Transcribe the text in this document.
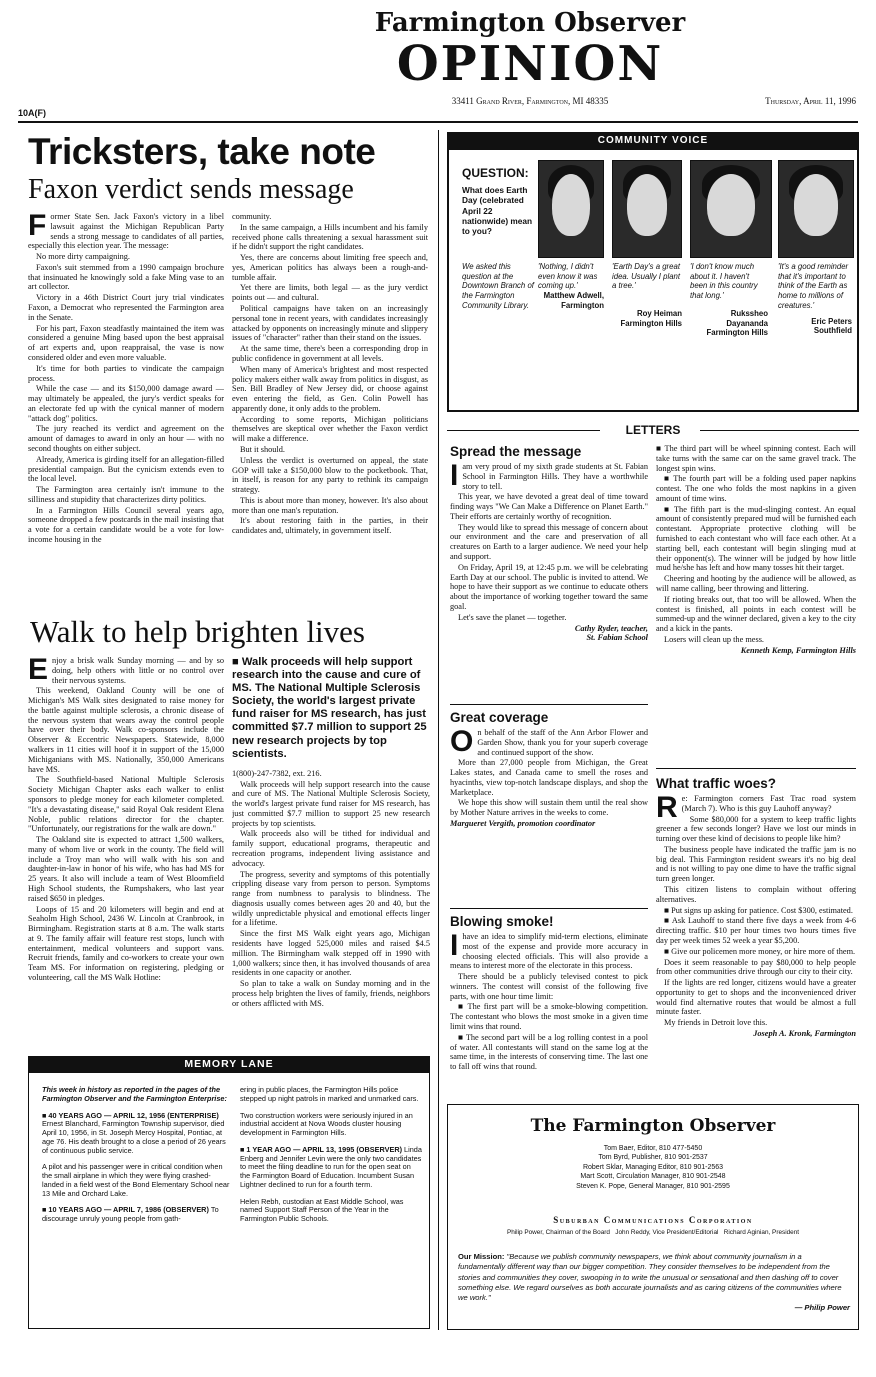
Farmington Observer
OPINION
10A(F)
33411 Grand River, Farmington, MI 48335	Thursday, April 11, 1996
Tricksters, take note
Faxon verdict sends message
F ormer State Sen. Jack Faxon's victory in a libel lawsuit against the Michigan Republican Party sends a strong message to candidates of all parties, especially this election year. The message:

No more dirty campaigning.

Faxon's suit stemmed from a 1990 campaign brochure that insinuated he knowingly sold a fake Ming vase to an art collector.

Victory in a 46th District Court jury trial vindicates Faxon, a Democrat who represented the Farmington area in the Senate.

For his part, Faxon steadfastly maintained the item was considered a genuine Ming based upon the best appraisal of art experts and, upon reappraisal, the vase is now considered older and even more valuable.

It's time for both parties to vindicate the campaign process.

While the case — and its $150,000 damage award — may ultimately be appealed, the jury's verdict speaks for an electorate fed up with the cynical manner of modern "attack dog" politics.

The jury reached its verdict and agreement on the amount of damages to award in only an hour — with no second thoughts on either subject.

Already, America is girding itself for an allegation-filled presidential campaign. But the cynicism extends even to the local level.

The Farmington area certainly isn't immune to the silliness and stupidity that characterizes dirty politics.

In a Farmington Hills Council several years ago, someone dropped a few postcards in the mail insisting that a vote for a certain candidate would be a vote for low-income housing in the

community.

In the same campaign, a Hills incumbent and his family received phone calls threatening a sexual harassment suit if he didn't support the right candidates.

Yes, there are concerns about limiting free speech and, yes, American politics has always been a rough-and-tumble affair.

Yet there are limits, both legal — as the jury verdict points out — and cultural.

Political campaigns have taken on an increasingly personal tone in recent years, with candidates increasingly attacked by opponents on increasingly minute and slippery issues of "character" rather than their stand on the issues.

At the same time, there's been a corresponding drop in public confidence in government at all levels.

When many of America's brightest and most respected policy makers either walk away from politics in disgust, as Sen. Bill Bradley of New Jersey did, or choose against even entering the field, as Gen. Colin Powell has apparently done, it only adds to the problem.

According to some reports, Michigan politicians themselves are skeptical over whether the Faxon verdict will make a difference.

But it should.

Unless the verdict is overturned on appeal, the state GOP will take a $150,000 blow to the pocketbook. That, in itself, is reason for any party to rethink its campaign strategy.

This is about more than money, however. It's also about more than one man's reputation.

It's about restoring faith in the parties, in their candidates and, ultimately, in government itself.

Walk to help brighten lives
E njoy a brisk walk Sunday morning — and by so doing, help others with little or no control over their nervous systems.

This weekend, Oakland County will be one of Michigan's MS Walk sites designated to raise money for the battle against multiple sclerosis, a chronic disease of the nervous system that wears away the control people have over their body. Walk co-sponsors include the Observer & Eccentric Newspapers. Statewide, 8,000 walkers in 11 cities will hoof it in support of the 15,000 Michiganians with MS. Nationally, 350,000 Americans have MS.

The Southfield-based National Multiple Sclerosis Society Michigan Chapter asks each walker to enlist sponsors to pledge money for each kilometer completed. "It's a devastating disease," said Royal Oak resident Elena Noble, public relations director for the chapter. "Unfortunately, our registrations for the walk are down."

The Oakland site is expected to attract 1,500 walkers, many of whom live or work in the county. The field will include a Troy man who will walk with his son and daughter-in-law in honor of his wife, who has had MS for 25 years. It also will include a team of West Bloomfield High School students, the Rumpshakers, who last year raised $650 in pledges.

Loops of 15 and 20 kilometers will begin and end at Seaholm High School, 2436 W. Lincoln at Cranbrook, in Birmingham. Registration starts at 8 a.m. The walk starts at 9. The family affair will feature rest stops, lunch with entertainment, medical volunteers and support vans. Recruit friends, family and co-workers to create your own Team MS. For information on registering, pledging or volunteering, call the MS Walk Hotline:

■ Walk proceeds will help support research into the cause and cure of MS. The National Multiple Sclerosis Society, the world's largest private fund raiser for MS research, has just committed $7.7 million to support 25 new research projects by top scientists.

1(800)-247-7382, ext. 216.

Walk proceeds will help support research into the cause and cure of MS. The National Multiple Sclerosis Society, the world's largest private fund raiser for MS research, has just committed $7.7 million to support 25 new research projects by top scientists.

Walk proceeds also will be tithed for individual and family support, educational programs, therapeutic and recreation programs, independent living assistance and advocacy.

The progress, severity and symptoms of this potentially crippling disease vary from person to person. Symptoms range from numbness to paralysis to blindness. The diagnosis usually comes between ages 20 and 40, but the wildly unpredictable physical and emotional effects linger for a lifetime.

Since the first MS Walk eight years ago, Michigan residents have logged 525,000 miles and raised $4.5 million. The Birmingham walk stepped off in 1990 with 1,000 walkers; since then, it has involved thousands of area residents in one capacity or another.

So plan to take a walk on Sunday morning and in the process help brighten the lives of family, friends, neighbors or others afflicted with MS.

MEMORY LANE
This week in history as reported in the pages of the Farmington Observer and the Farmington Enterprise:
■ 40 YEARS AGO — APRIL 12, 1956 (ENTERPRISE) Ernest Blanchard, Farmington Township supervisor, died April 10, 1956, in St. Joseph Mercy Hospital, Pontiac, at age 76. His death brought to a close a period of 26 years of continuous public service.
A pilot and his passenger were in critical condition when the small airplane in which they were flying crashed-landed in a field west of the Bond Elementary School near 13 Mile and Orchard Lake.
■ 10 YEARS AGO — APRIL 7, 1986 (OBSERVER) To discourage unruly young people from gath-
ering in public places, the Farmington Hills police stepped up night patrols in marked and unmarked cars.
Two construction workers were seriously injured in an industrial accident at Nova Woods cluster housing development in Farmington Hills.
■ 1 YEAR AGO — APRIL 13, 1995 (OBSERVER) Linda Enberg and Jennifer Levin were the only two candidates to meet the filing deadline to run for the open seat on the Farmington Board of Education. Incumbent Susan Lightner declined to run for a fourth term.
Helen Rebh, custodian at East Middle School, was named Support Staff Person of the Year in the Farmington Public Schools.
COMMUNITY VOICE
QUESTION:
What does Earth Day (celebrated April 22 nationwide) mean to you?
We asked this question at the Downtown Branch of the Farmington Community Library.
'Nothing, I didn't even know it was coming up.'
Matthew Adwell,
Farmington
'Earth Day's a great idea. Usually I plant a tree.'
Roy Heiman
Farmington Hills
'I don't know much about it. I haven't been in this country that long.'
Rukssheo Dayananda
Farmington Hills
'It's a good reminder that it's important to think of the Earth as home to millions of creatures.'
Eric Peters
Southfield
LETTERS
Spread the message
I am very proud of my sixth grade students at St. Fabian School in Farmington Hills. They have a worthwhile story to tell.

This year, we have devoted a great deal of time toward finding ways "We Can Make a Difference on Planet Earth." Their efforts are certainly worthy of recognition.

They would like to spread this message of concern about our environment and the care and preservation of all creatures on Earth to a larger audience. We need your help and support.

On Friday, April 19, at 12:45 p.m. we will be celebrating Earth Day at our school. The public is invited to attend. We hope to have their support as we continue to educate others about the importance of working together toward the same goal.

Let's save the planet — together.

Cathy Ryder, teacher,
St. Fabian School
Great coverage
O n behalf of the staff of the Ann Arbor Flower and Garden Show, thank you for your superb coverage and continued support of the show.

More than 27,000 people from Michigan, the Great Lakes states, and Canada came to smell the roses and hyacinths, view top-notch landscape displays, and shop the Marketplace.

We hope this show will sustain them until the real show by Mother Nature arrives in the weeks to come.

Margueret Vergith, promotion coordinator
Blowing smoke!
I have an idea to simplify mid-term elections, eliminate most of the expense and provide more accuracy in choosing elected officials. This will also provide a means to interest more of the electorate in this process.

There should be a publicly televised contest to pick winners. The contest will consist of the following five parts, with one hour time limit:

■ The first part will be a smoke-blowing competition. The contestant who blows the most smoke in a given time limit wins that round.

■ The second part will be a log rolling contest in a pool of water. All contestants will stand on the same log at the same time, in the interests of conserving time. The last one to fall off wins that round.

■ The third part will be wheel spinning contest. Each will take turns with the same car on the same gravel track. The longest spin wins.

■ The fourth part will be a folding used paper napkins contest. The one who folds the most napkins in a given amount of time wins.

■ The fifth part is the mud-slinging contest. An equal amount of consistently prepared mud will be furnished each contestant. Appropriate protective clothing will be furnished to each contestant who will face each other. At a starting bell, each contestant will begin slinging mud at their opponent(s). The winner will be judged by how little mud he/she has left and how many tosses hit their target.

Cheering and hooting by the audience will be allowed, as will name calling, beer throwing and littering.

If rioting breaks out, that too will be allowed. When the contest is finished, all points in each contest will be summed-up and the winner declared, given a key to the city and a kick in the pants.

Losers will clean up the mess.

Kenneth Kemp, Farmington Hills
What traffic woes?
R e: Farmington corners Fast Trac road system (March 7). Who is this guy Lauhoff anyway?

Some $80,000 for a system to keep traffic lights greener a few seconds longer? Have we lost our minds in turning over these kind of decisions to people like him?

The business people have indicated the traffic jam is no big deal. This Farmington resident swears it's no big deal and is not willing to pay one dime to have the traffic signal turn green longer.

This citizen listens to complain without offering alternatives.

■ Put signs up asking for patience. Cost $300, estimated.

■ Ask Lauhoff to stand there five days a week from 4-6 directing traffic. $10 per hour times two hours times five day per week times 52 week a year $5,200.

■ Give our policemen more money, or hire more of them.

Does it seem reasonable to pay $80,000 to help people from other communities drive through our city to their city.

If the lights are red longer, citizens would have a greater opportunity to get to shops and the inconvenienced driver would find alternative routes that would be almost a full minute faster.

My friends in Detroit love this.

Joseph A. Kronk, Farmington
The Farmington Observer
Tom Baer, Editor, 810 477-5450
Tom Byrd, Publisher, 810 901-2537
Robert Sklar, Managing Editor, 810 901-2563
Mart Scott, Circulation Manager, 810 901-2548
Steven K. Pope, General Manager, 810 901-2595
Suburban Communications Corporation
Philip Power, Chairman of the Board   John Reddy, Vice President/Editorial   Richard Aginian, President
Our Mission: "Because we publish community newspapers, we think about community journalism in a fundamentally different way than our bigger competition. They consider themselves to be independent from the stories and communities they cover, swooping in to write the unusual or sensational and then dashing off to cover something else. We regard ourselves as both accurate journalists and as caring citizens of the communities where we work."
— Philip Power
